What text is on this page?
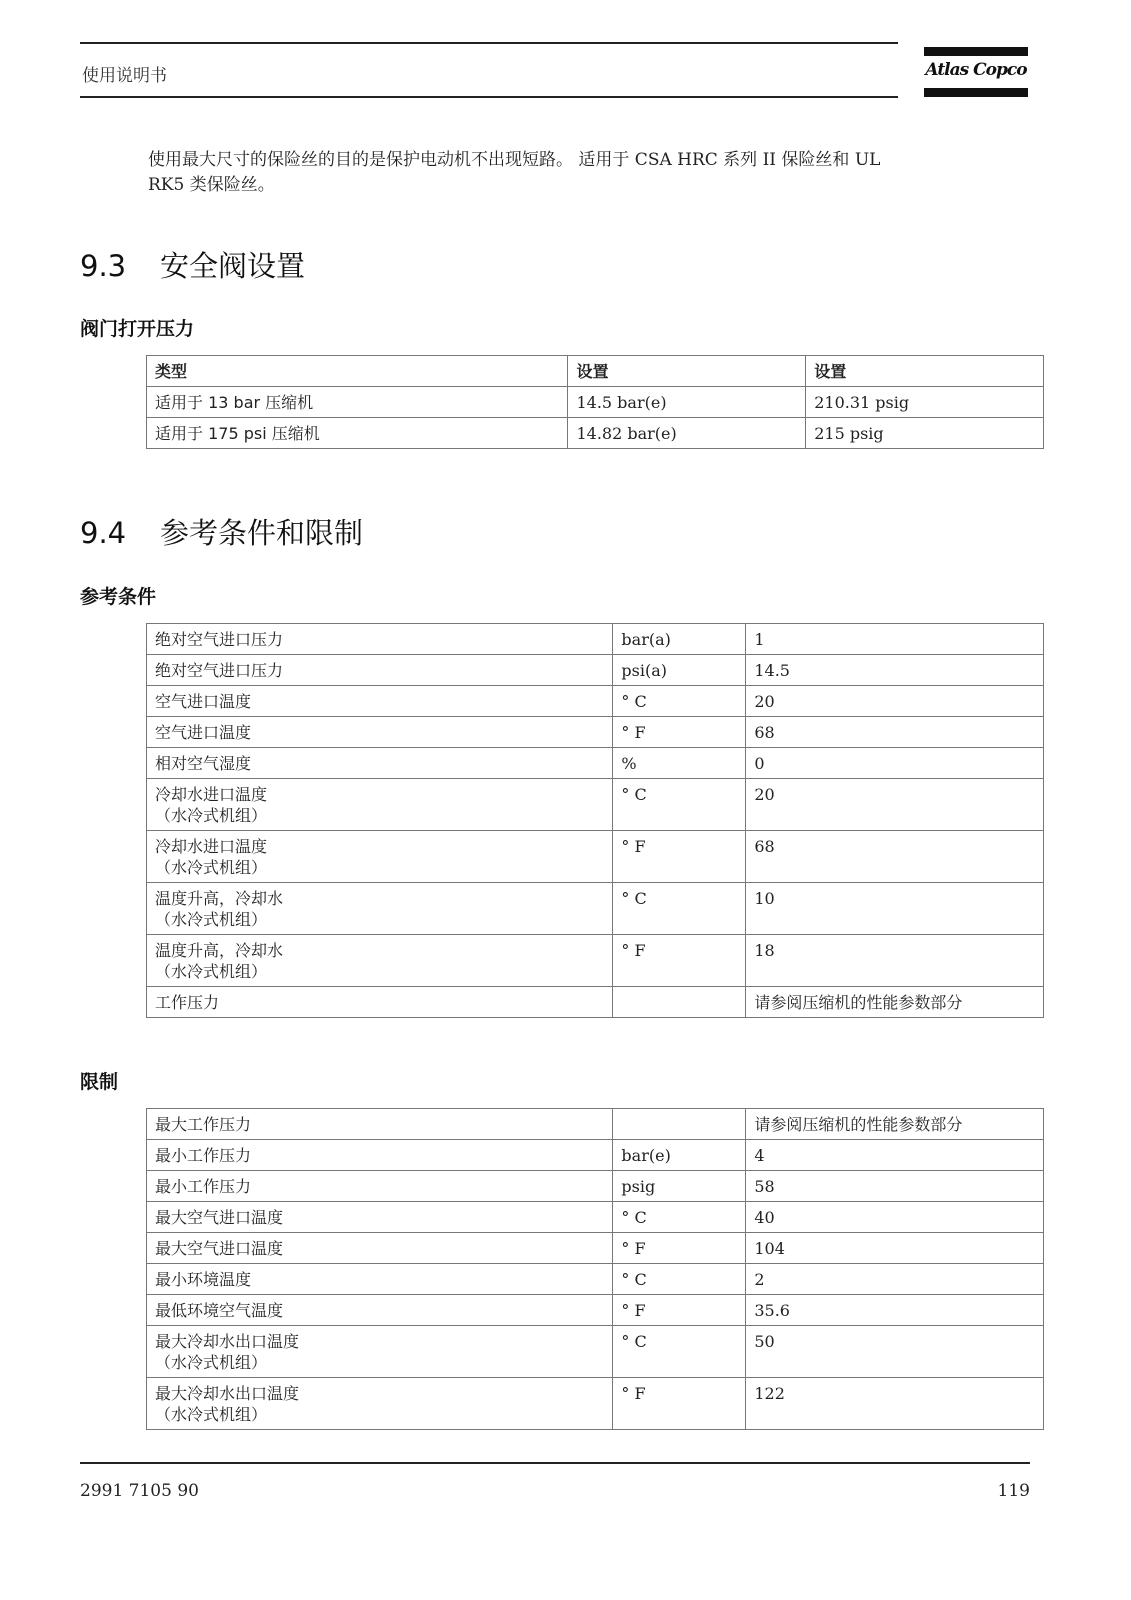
使用说明书	Atlas Copco
使用最大尺寸的保险丝的目的是保护电动机不出现短路。 适用于 CSA HRC 系列 II 保险丝和 UL
RK5 类保险丝。
9.3 安全阀设置
阀门打开压力
类型	设置	设置
适用于 13 bar 压缩机	14.5 bar(e)	210.31 psig
适用于 175 psi 压缩机	14.82 bar(e)	215 psig
9.4 参考条件和限制
参考条件
绝对空气进口压力	bar(a)	1

绝对空气进口压力	psi(a)	14.5

空气进口温度	° C	20

空气进口温度	° F	68

相对空气湿度	%	0

冷却水进口温度
（水冷式机组）	° C	20

冷却水进口温度
（水冷式机组）	° F	68

温度升高，冷却水
（水冷式机组）	° C	10

温度升高，冷却水
（水冷式机组）	° F	18

工作压力		请参阅压缩机的性能参数部分
限制
最大工作压力		请参阅压缩机的性能参数部分

最小工作压力	bar(e)	4

最小工作压力	psig	58

最大空气进口温度	° C	40

最大空气进口温度	° F	104

最小环境温度	° C	2

最低环境空气温度	° F	35.6

最大冷却水出口温度
（水冷式机组）	° C	50

最大冷却水出口温度
（水冷式机组）	° F	122
2991 7105 90	119
